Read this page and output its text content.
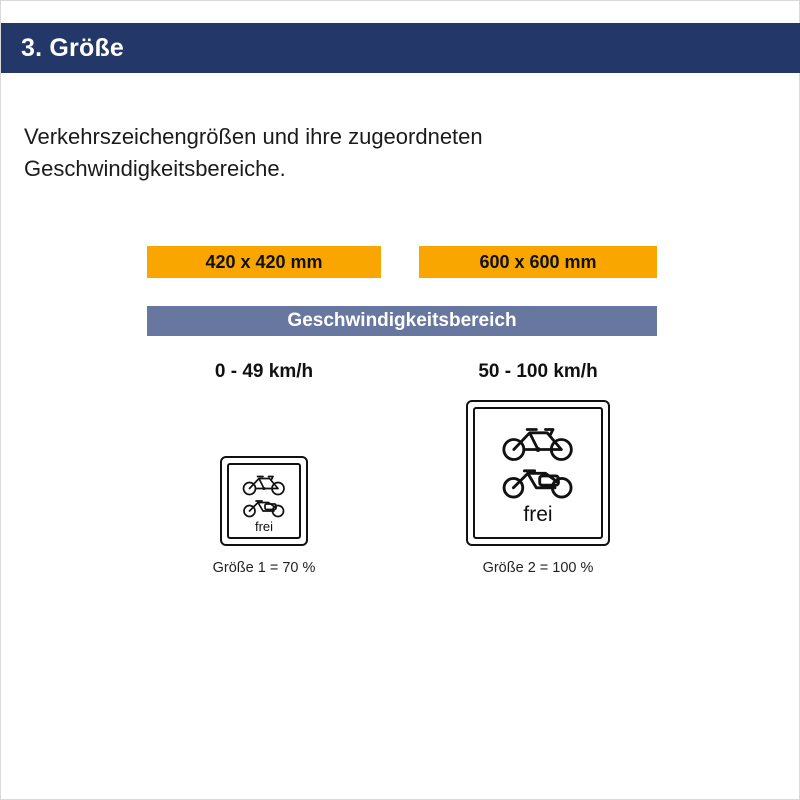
3. Größe
Verkehrszeichengrößen und ihre zugeordneten
Geschwindigkeitsbereiche.
420 x 420 mm	600 x 600 mm
Geschwindigkeitsbereich
0 - 49 km/h	50 - 100 km/h
frei
Größe 1 = 70 %
frei
Größe 2 = 100 %
